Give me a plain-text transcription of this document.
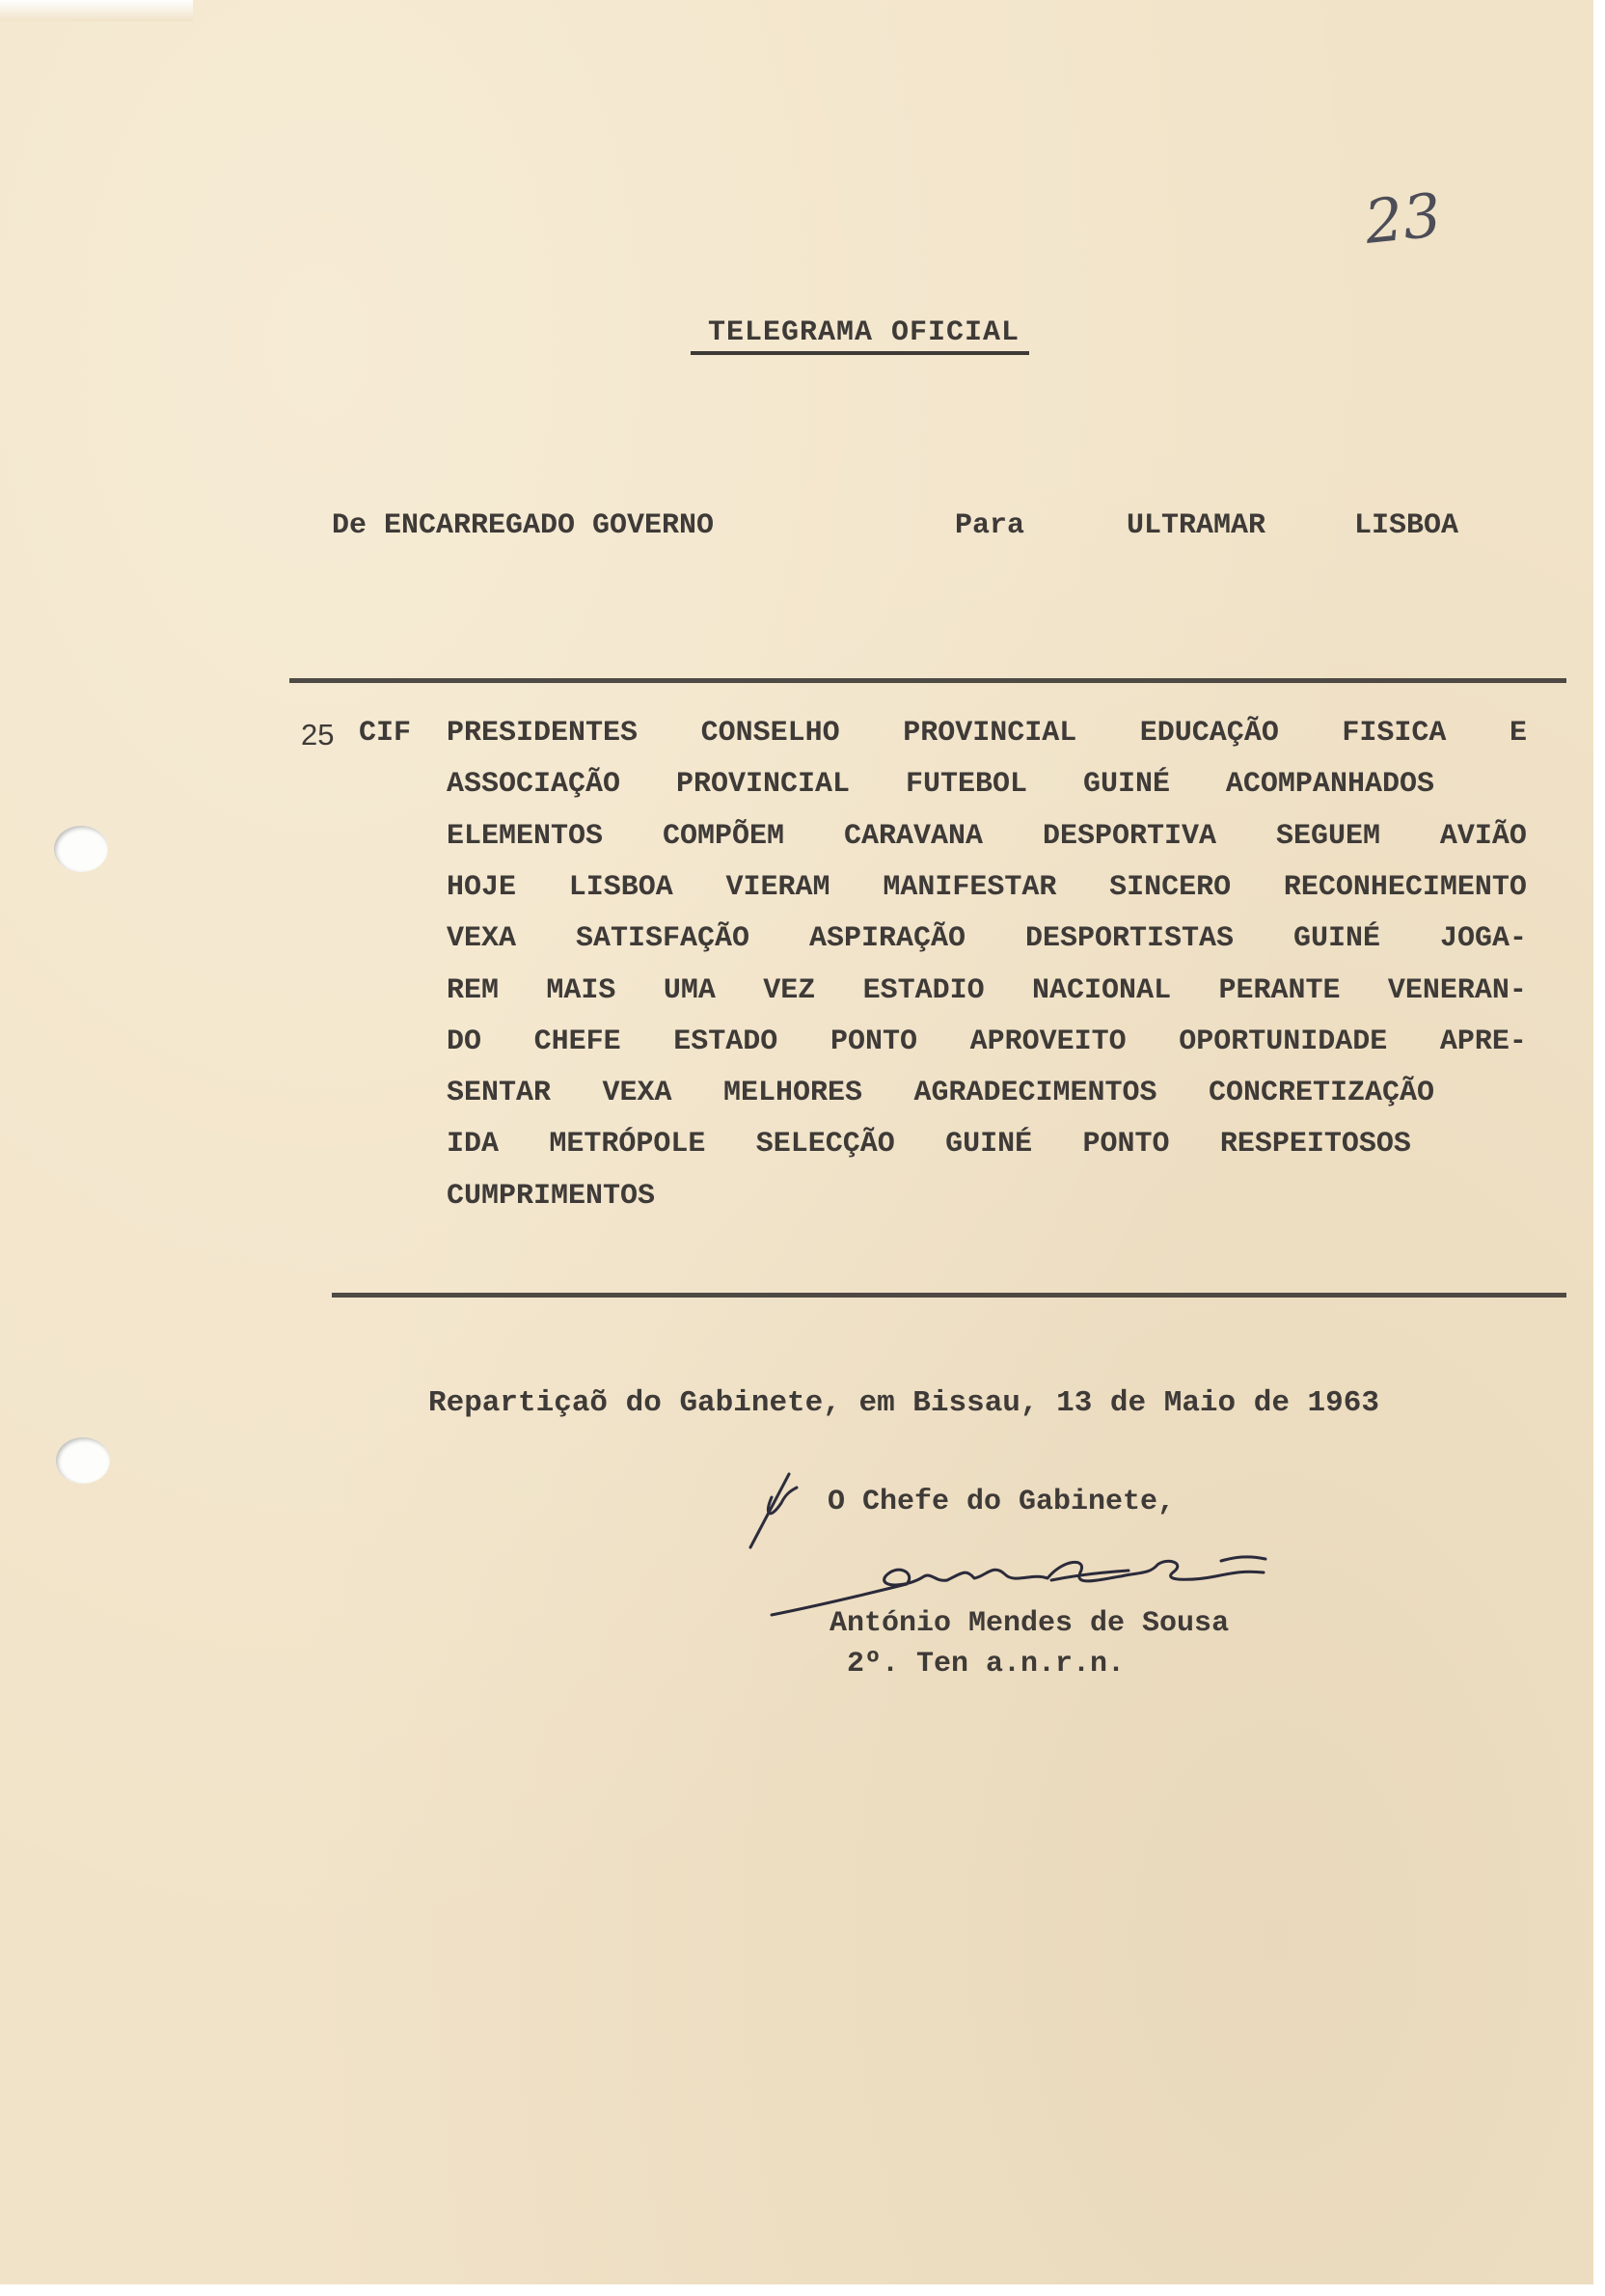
23
TELEGRAMA OFICIAL
De ENCARREGADO GOVERNO	Para	ULTRAMAR	LISBOA
25 CIF PRESIDENTES CONSELHO PROVINCIAL EDUCAÇÃO FISICA E
ASSOCIAÇÃO PROVINCIAL FUTEBOL GUINÉ ACOMPANHADOS
ELEMENTOS COMPÕEM CARAVANA DESPORTIVA SEGUEM AVIÃO
HOJE LISBOA VIERAM MANIFESTAR SINCERO RECONHECIMENTO
VEXA SATISFAÇÃO ASPIRAÇÃO DESPORTISTAS GUINÉ JOGA-
REM MAIS UMA VEZ ESTADIO NACIONAL PERANTE VENERAN-
DO CHEFE ESTADO PONTO APROVEITO OPORTUNIDADE APRE-
SENTAR VEXA MELHORES AGRADECIMENTOS CONCRETIZAÇÃO
IDA METRÓPOLE SELECÇÃO GUINÉ PONTO RESPEITOSOS
CUMPRIMENTOS
Repartiçaõ do Gabinete, em Bissau, 13 de Maio de 1963
O Chefe do Gabinete,
António Mendes de Sousa
2º. Ten a.n.r.n.
